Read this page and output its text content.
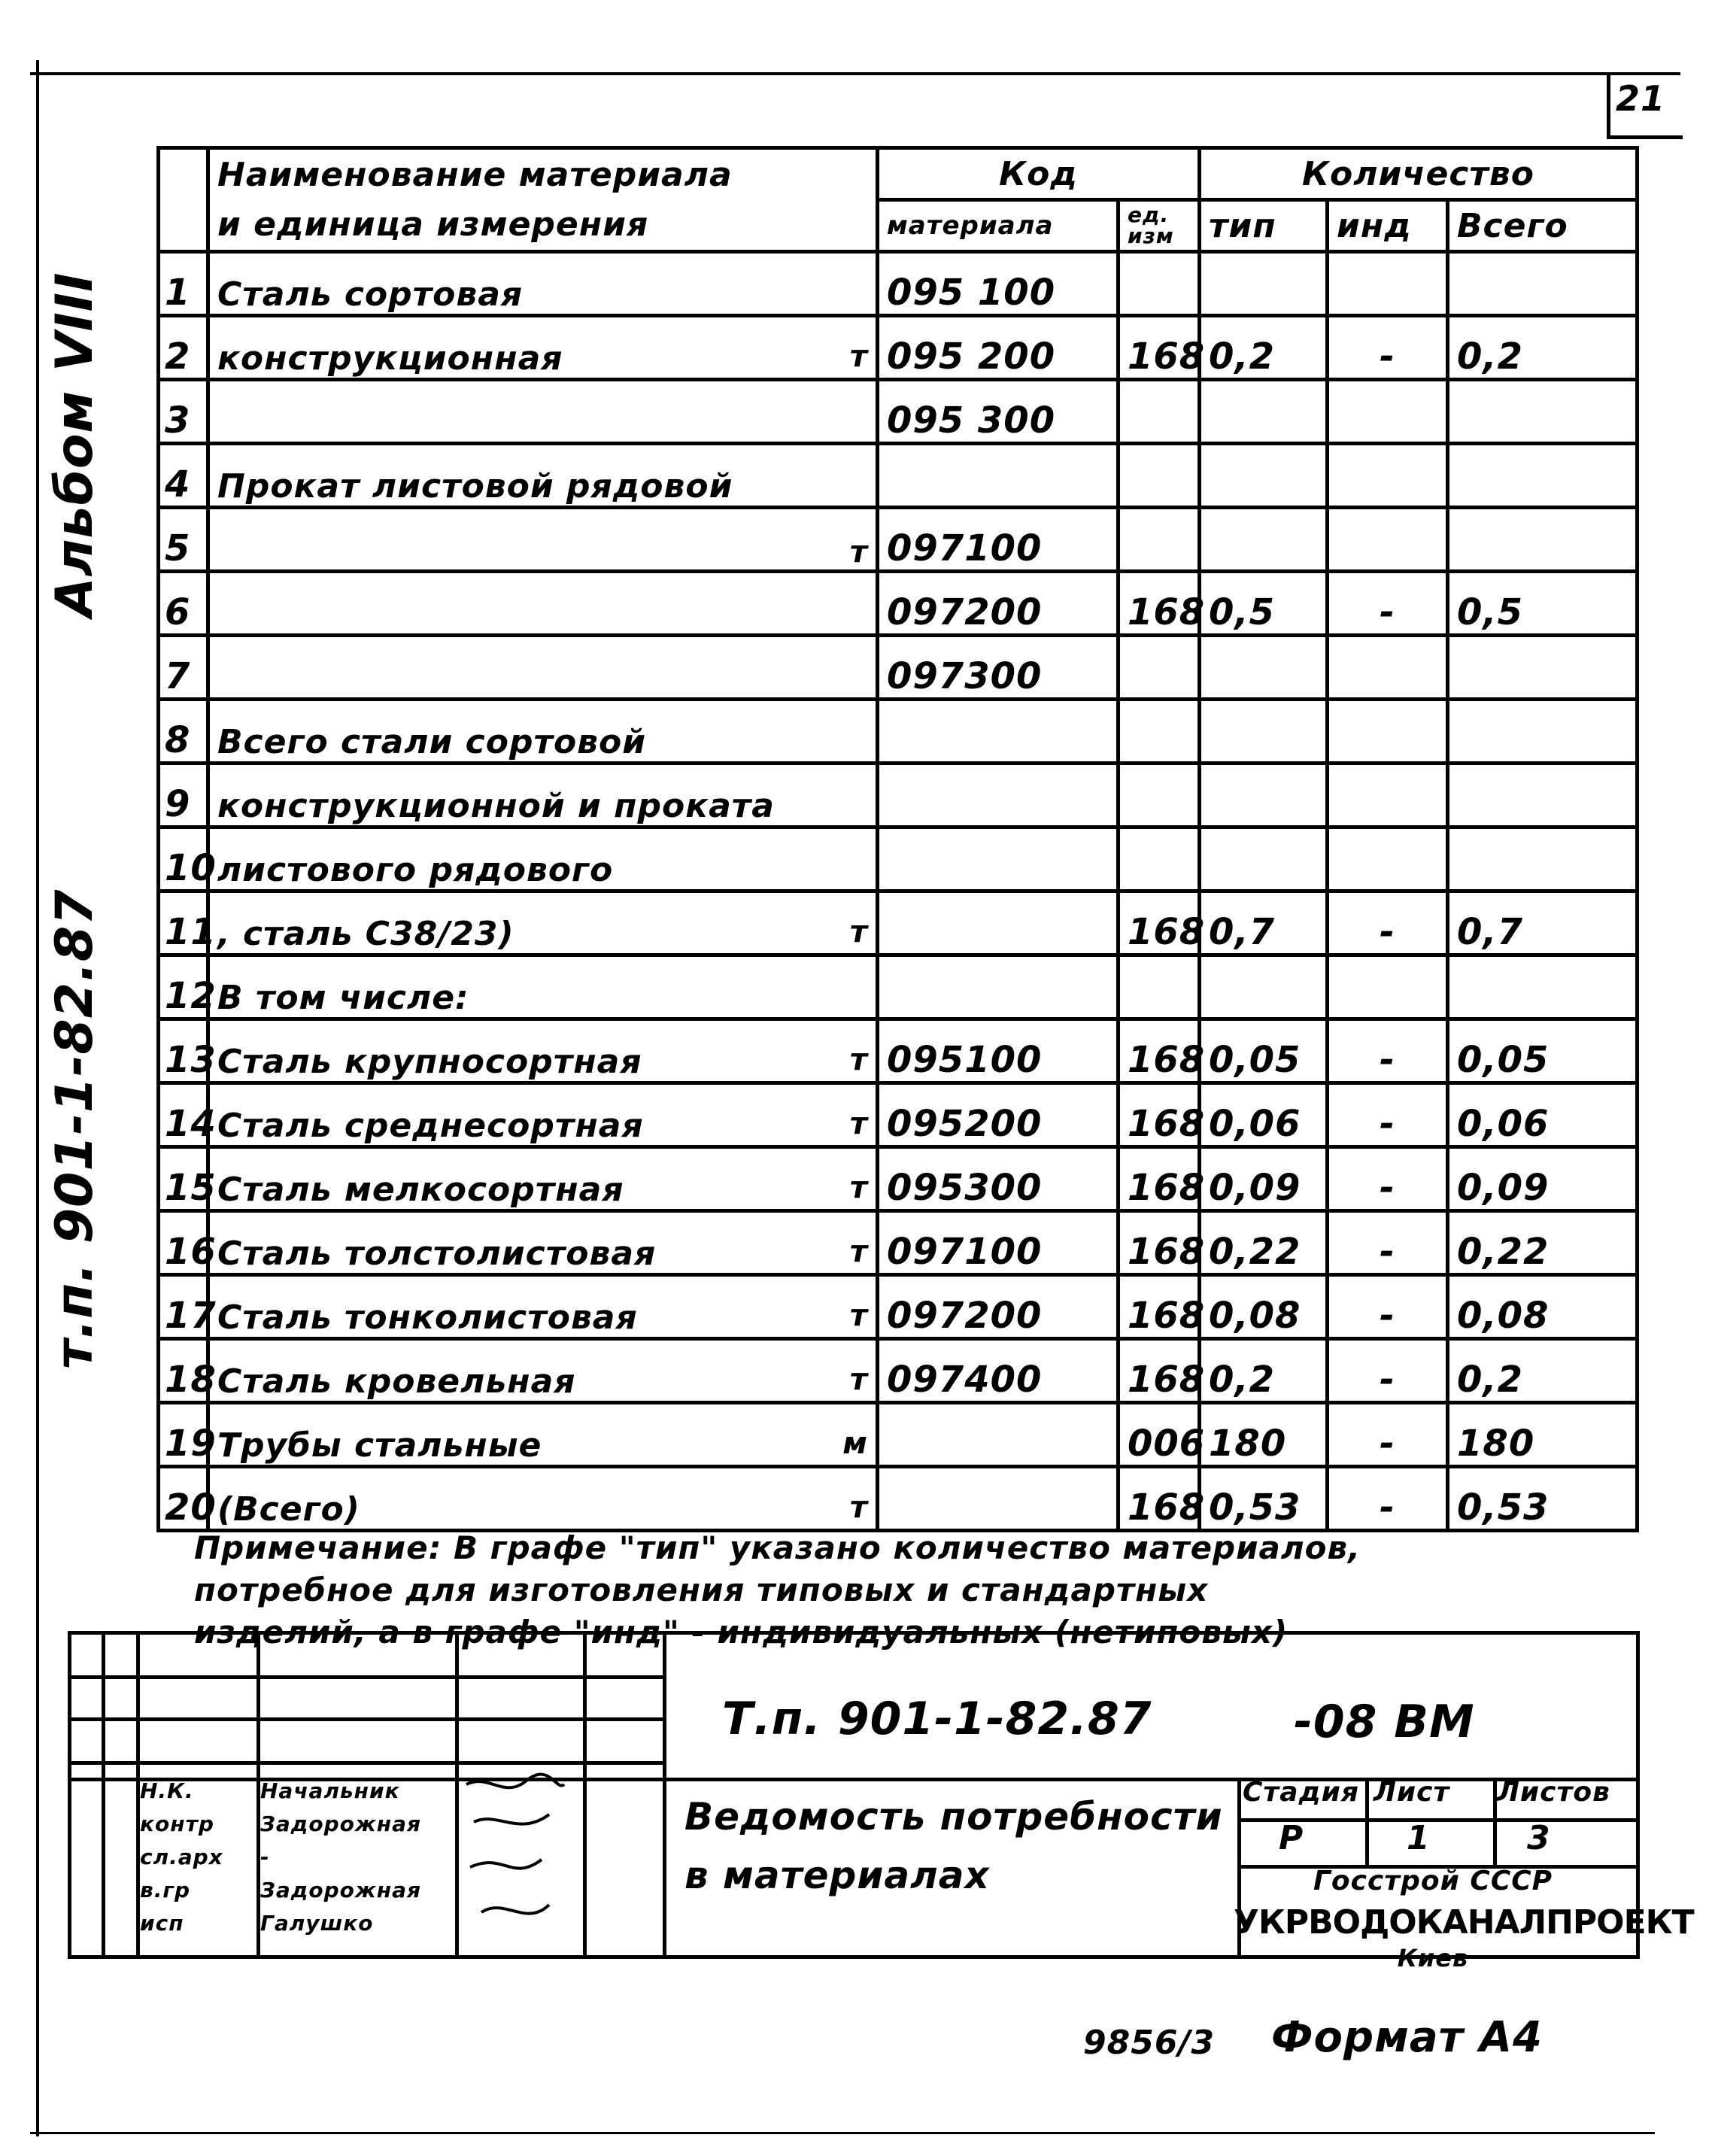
21
Альбом VIII
т.п. 901-1-82.87
	Наименование материала	Код		Количество		
	и единица измерения	материала	ед. изм	тип	инд	Всего
1	Сталь сортовая	095 100				
2	конструкционная т	095 200	168	0,2	-	0,2
3		095 300				
4	Прокат листовой рядовой

5	т	097100				
6		097200	168	0,5	-	0,5
7		097300				
8	Всего стали сортовой

9	конструкционной и проката

10	листового рядового

11	, сталь С38/23) т		168	0,7	-	0,7
12	В том числе:

13	Сталь крупносортная т	095100	168	0,05	-	0,05
14	Сталь среднесортная т	095200	168	0,06	-	0,06
15	Сталь мелкосортная т	095300	168	0,09	-	0,09
16	Сталь толстолистовая т	097100	168	0,22	-	0,22
17	Сталь тонколистовая т	097200	168	0,08	-	0,08
18	Сталь кровельная т	097400	168	0,2	-	0,2
19	Трубы стальные м		006	180	-	180
20	(Всего) т		168	0,53	-	0,53
Примечание: В графе "тип" указано количество материалов,
потребное для изготовления типовых и стандартных
изделий, а в графе "инд" - индивидуальных (нетиповых)
Т.п. 901-1-82.87	-08 ВМ
Ведомость потребности
в материалах
Стадия Лист Листов
Р	1	3
Госстрой СССР
УКРВОДОКАНАЛПРОЕКТ
Киев
Н.К.	Начальник
контр Задорожная
сл.арх -
в.гр	Задорожная
исп	Галушко
9856/3 Формат А4
